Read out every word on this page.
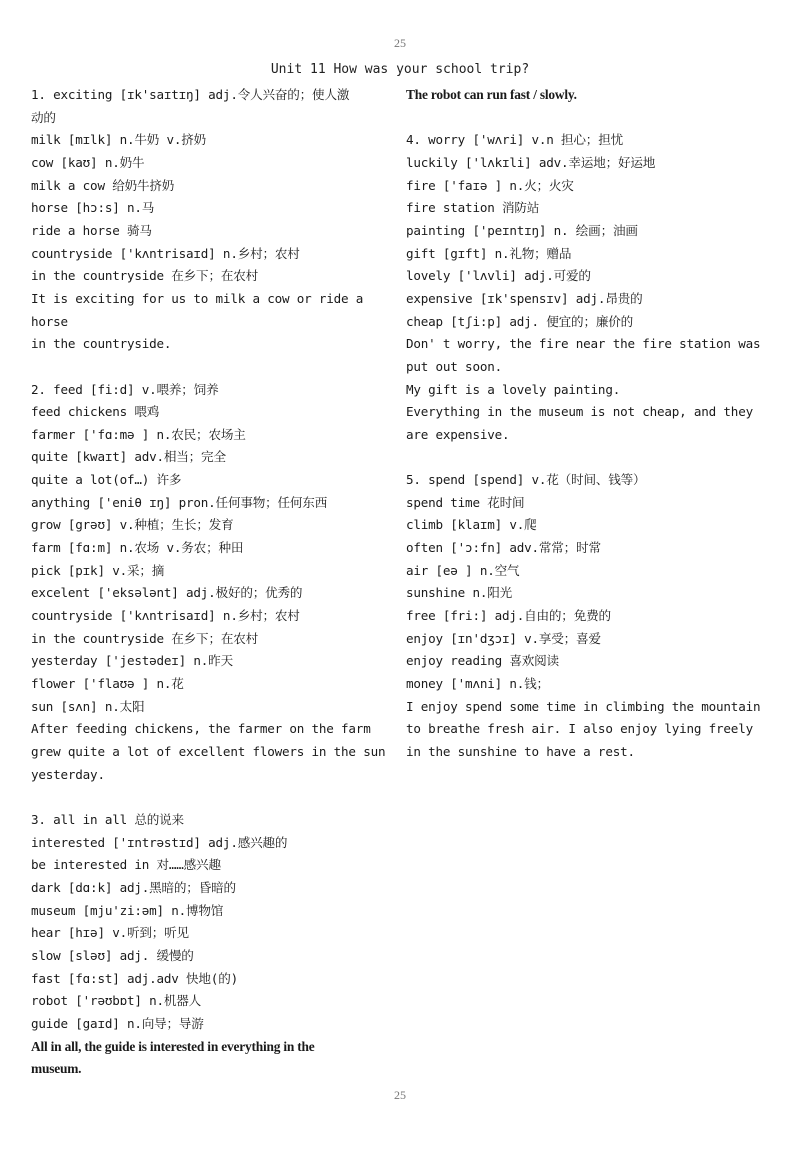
25
Unit 11 How was your school trip?

1. exciting [ɪk'saɪtɪŋ] adj.令人兴奋的；使人激

动的

milk [mɪlk] n.牛奶 v.挤奶

cow [kaʊ] n.奶牛

milk a cow 给奶牛挤奶

horse [hɔ:s] n.马

ride a horse 骑马

countryside ['kʌntrisaɪd] n.乡村；农村

in the countryside 在乡下；在农村

It is exciting for us to milk a cow or ride a horse

in the countryside.

2. feed [fi:d] v.喂养；饲养

feed chickens 喂鸡

farmer ['fɑ:mə ] n.农民；农场主

quite [kwaɪt] adv.相当；完全

quite a lot(of…) 许多

anything ['eniθ ɪŋ] pron.任何事物；任何东西

grow [grəʊ] v.种植；生长；发育

farm [fɑ:m] n.农场 v.务农；种田

pick [pɪk] v.采；摘

excelent ['eksələnt] adj.极好的；优秀的

countryside ['kʌntrisaɪd] n.乡村；农村

in the countryside 在乡下；在农村

yesterday ['jestədeɪ] n.昨天

flower ['flaʊə ] n.花

sun [sʌn] n.太阳

After feeding chickens, the farmer on the farm

grew quite a lot of excellent flowers in the sun

yesterday.

3. all in all 总的说来

interested ['ɪntrəstɪd] adj.感兴趣的

be interested in 对……感兴趣

dark [dɑ:k] adj.黑暗的；昏暗的

museum [mju'zi:əm] n.博物馆

hear [hɪə] v.听到；听见

slow [sləʊ] adj. 缓慢的

fast [fɑ:st] adj.adv 快地(的)

robot ['rəʊbɒt] n.机器人

guide [gaɪd] n.向导；导游

All in all, the guide is interested in everything in the

museum.

The robot can run fast / slowly.

4. worry ['wʌri] v.n 担心；担忧

luckily ['lʌkɪli] adv.幸运地；好运地

fire ['faɪə ] n.火；火灾

fire station 消防站

painting ['peɪntɪŋ] n. 绘画；油画

gift [gɪft] n.礼物；赠品

lovely ['lʌvli] adj.可爱的

expensive [ɪk'spensɪv] adj.昂贵的

cheap [tʃi:p] adj. 便宜的；廉价的

Don' t worry, the fire near the fire station was

put out soon.

My gift is a lovely painting.

Everything in the museum is not cheap, and they

are expensive.

5. spend [spend] v.花（时间、钱等）

spend time 花时间

climb [klaɪm] v.爬

often ['ɔ:fn] adv.常常；时常

air [eə ] n.空气

sunshine n.阳光

free [fri:] adj.自由的；免费的

enjoy [ɪn'dʒɔɪ] v.享受；喜爱

enjoy reading 喜欢阅读

money ['mʌni] n.钱；

I enjoy spend some time in climbing the mountain

to breathe fresh air. I also enjoy lying freely

in the sunshine to have a rest.

25
